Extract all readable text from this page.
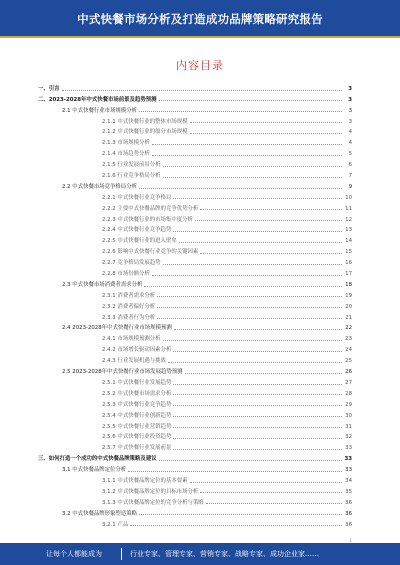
中式快餐市场分析及打造成功品牌策略研究报告
内容目录
一、引言	3
二、2023-2028年中式快餐市场前景及趋势预测	3
2.1 中式快餐行业市场规模分析	3
2.1.1 中式快餐行业的整体市场规模	3
2.1.2 中式快餐行业的细分市场规模	4
2.1.3 市场规模分析	4
2.1.4 市场趋势分析	5
2.1.5 行业发展前景分析	6
2.1.6 行业竞争格局分析	7
2.2 中式快餐市场竞争格局分析	9
2.2.1 中式快餐行业竞争格局	10
2.2.2 主要中式快餐品牌的竞争优势分析	11
2.2.3 中式快餐行业的市场集中度分析	12
2.2.4 中式快餐行业竞争趋势	13
2.2.5 中式快餐行业的进入壁垒	14
2.2.6 影响中式快餐行业竞争的关键因素	15
2.2.7 竞争格局发展趋势	16
2.2.8 市场份额分析	17
2.3 中式快餐市场消费者需求分析	18
2.3.1 消费者需求分析	19
2.3.2 消费者偏好分析	20
2.3.3 消费者行为分析	21
2.4 2023-2028年中式快餐行业市场规模预测	22
2.4.1 市场规模预测分析	23
2.4.2 市场增长驱动因素分析	24
2.4.3 行业发展机遇与挑战	25
2.5 2023-2028年中式快餐行业市场发展趋势预测	26
2.5.1 中式快餐行业发展趋势	27
2.5.2 中式快餐市场需求分析	28
2.5.3 中式快餐行业竞争趋势	29
2.5.4 中式快餐行业创新趋势	30
2.5.5 中式快餐行业营销趋势	31
2.5.6 中式快餐行业投资趋势	32
2.5.7 中式快餐行业发展前景	33
三、如何打造一个成功的中式快餐品牌策略及建议	33
3.1 中式快餐品牌定位分析	33
3.1.1 中式快餐品牌定位的基本要素	34
3.1.2 中式快餐品牌定位的目标市场分析	35
3.1.3 中式快餐品牌定位的竞争分析与策略	36
3.2 中式快餐品牌形象塑造策略	36
3.2.1 产品	36
1
让每个人都能成为	行业专家、管理专家、营销专家、战略专家、成功企业家……
